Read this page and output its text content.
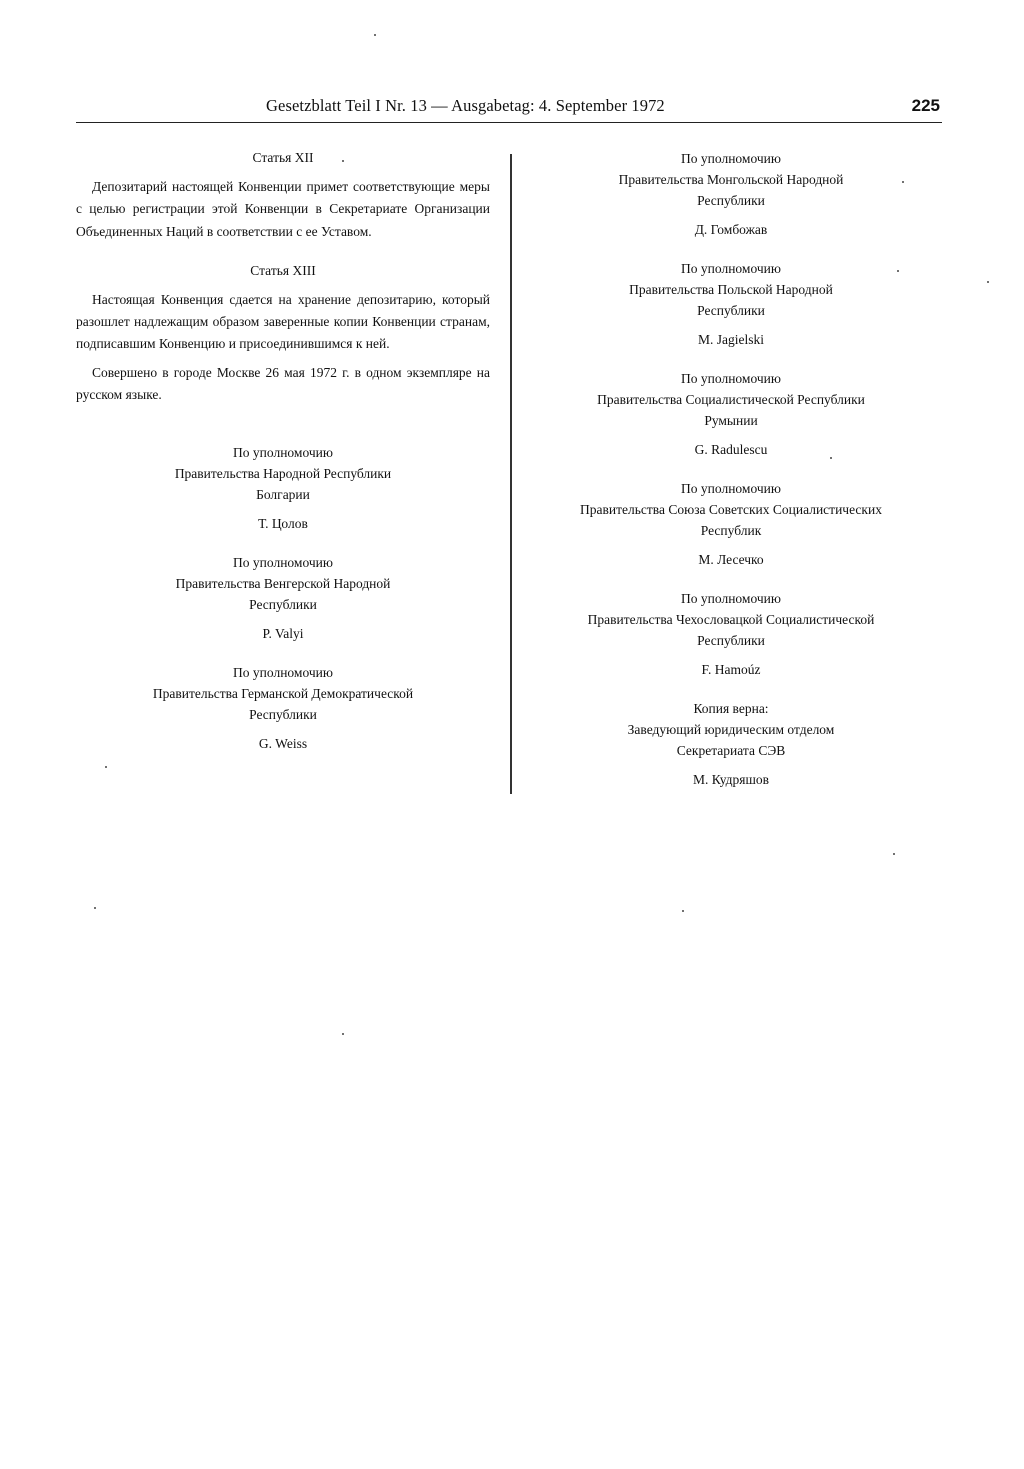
Gesetzblatt Teil I Nr. 13 — Ausgabetag: 4. September 1972	225

Статья XII

Депозитарий настоящей Конвенции примет соответствующие меры с целью регистрации этой Конвенции в Секретариате Организации Объединенных Наций в соответствии с ее Уставом.

Статья XIII

Настоящая Конвенция сдается на хранение депозитарию, который разошлет надлежащим образом заверенные копии Конвенции странам, подписавшим Конвенцию и присоединившимся к ней.

Совершено в городе Москве 26 мая 1972 г. в одном экземпляре на русском языке.

По уполномочию
Правительства Народной Республики
Болгарии
Т. Цолов
По уполномочию
Правительства Венгерской Народной
Республики
P. Valyi
По уполномочию
Правительства Германской Демократической
Республики
G. Weiss
По уполномочию
Правительства Монгольской Народной
Республики
Д. Гомбожав
По уполномочию
Правительства Польской Народной
Республики
M. Jagielski
По уполномочию
Правительства Социалистической Республики
Румынии
G. Radulescu
По уполномочию
Правительства Союза Советских Социалистических
Республик
М. Лесечко
По уполномочию
Правительства Чехословацкой Социалистической
Республики
F. Hamoúz
Копия верна:
Заведующий юридическим отделом
Секретариата СЭВ
М. Кудряшов
